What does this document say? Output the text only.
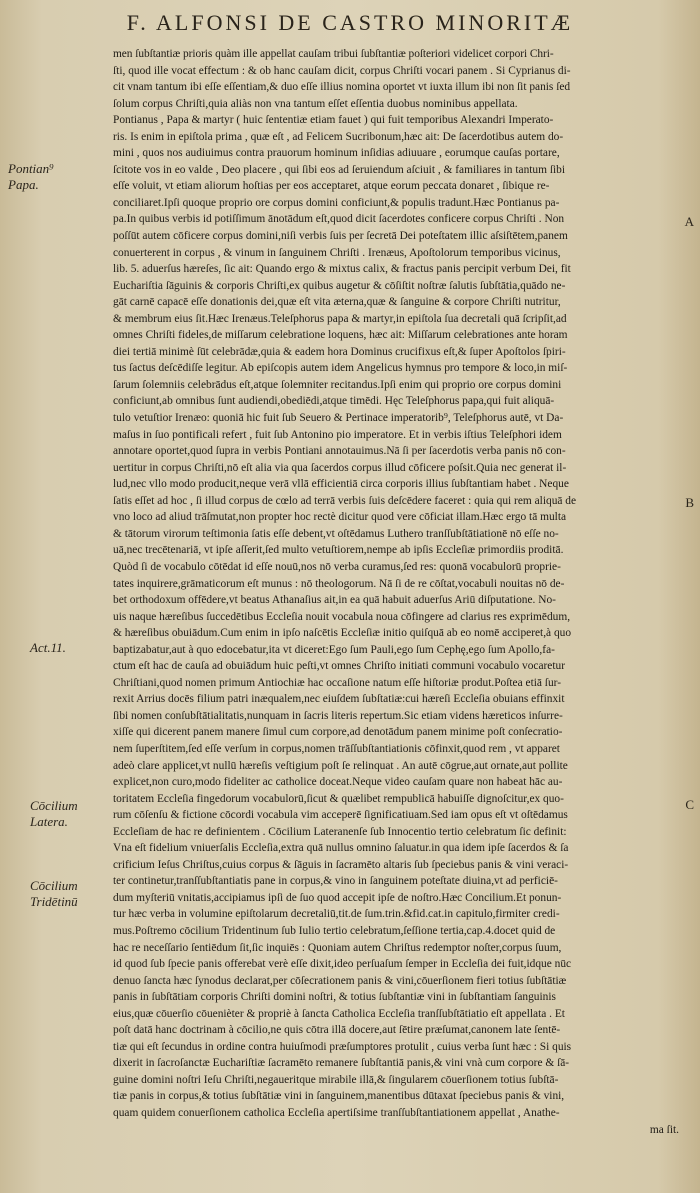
F. ALFONSI DE CASTRO MINORITÆ
Pontian⁹
Papa.
Act.11.
Cōcilium
Latera.
Cōcilium
Tridētinū
A
B
C
men ſubſtantiæ prioris quàm ille appellat cauſam tribui ſubſtantiæ poſteriori videlicet corpori Chri-
ſti, quod ille vocat effectum : & ob hanc cauſam dicit, corpus Chriſti vocari panem . Si Cyprianus di-
cit vnam tantum ibi eſſe eſſentiam,& duo eſſe illius nomina oportet vt iuxta illum ibi non ſit panis ſed
ſolum corpus Chriſti,quia aliàs non vna tantum eſſet eſſentia duobus nominibus appellata.
Pontianus , Papa & martyr ( huic ſententiæ etiam fauet ) qui fuit temporibus Alexandri Imperato-
ris. Is enim in epiſtola prima , quæ eſt , ad Felicem Sucribonum,hæc ait: De ſacerdotibus autem do-
mini , quos nos audiuimus contra prauorum hominum inſidias adiuuare , eorumque cauſas portare,
ſcitote vos in eo valde , Deo placere , qui ſibi eos ad ſeruiendum aſciuit , & familiares in tantum ſibi
eſſe voluit, vt etiam aliorum hoſtias per eos acceptaret, atque eorum peccata donaret , ſibique re-
conciliaret.Ipſi quoque proprio ore corpus domini conficiunt,& populis tradunt.Hæc Pontianus pa-
pa.In quibus verbis id potiſſimum ānotādum eſt,quod dicit ſacerdotes conficere corpus Chriſti . Non
poſſūt autem cōficere corpus domini,niſi verbis ſuis per ſecretā Dei poteſtatem illic aſsiſtētem,panem
conuerterent in corpus , & vinum in ſanguinem Chriſti . Irenæus, Apoſtolorum temporibus vicinus,
lib. 5. aduerſus hæreſes, ſic ait: Quando ergo & mixtus calix, & fractus panis percipit verbum Dei, fit
Euchariſtia ſāguinis & corporis Chriſti,ex quibus augetur & cōſiſtit noſtræ ſalutis ſubſtātia,quādo ne-
gāt carnē capacē eſſe donationis dei,quæ eſt vita æterna,quæ & ſanguine & corpore Chriſti nutritur,
& membrum eius ſit.Hæc Irenæus.Teleſphorus papa & martyr,in epiſtola ſua decretali quā ſcripſit,ad
omnes Chriſti fideles,de miſſarum celebratione loquens, hæc ait: Miſſarum celebrationes ante horam
diei tertiā minimè ſūt celebrādæ,quia & eadem hora Dominus crucifixus eſt,& ſuper Apoſtolos ſpiri-
tus ſactus deſcēdiſſe legitur. Ab epiſcopis autem idem Angelicus hymnus pro tempore & loco,in miſ-
ſarum ſolemniis celebrādus eſt,atque ſolemniter recitandus.Ipſi enim qui proprio ore corpus domini
conficiunt,ab omnibus ſunt audiendi,obediēdi,atque timēdi. Hęc Teleſphorus papa,qui fuit aliquā-
tulo vetuſtior Irenæo: quoniā hic fuit ſub Seuero & Pertinace imperatorib⁹, Teleſphorus autē, vt Da-
maſus in ſuo pontificali refert , fuit ſub Antonino pio imperatore. Et in verbis iſtius Teleſphori idem
annotare oportet,quod ſupra in verbis Pontiani annotauimus.Nā ſi per ſacerdotis verba panis nō con-
uertitur in corpus Chriſti,nō eſt alia via qua ſacerdos corpus illud cōficere poſsit.Quia nec generat il-
lud,nec vllo modo producit,neque verā vllā efficientiā circa corporis illius ſubſtantiam habet . Neque
ſatis eſſet ad hoc , ſi illud corpus de cœlo ad terrā verbis ſuis deſcēdere faceret : quia qui rem aliquā de
vno loco ad aliud trāſmutat,non propter hoc rectè dicitur quod vere cōficiat illam.Hæc ergo tā multa
& tātorum virorum teſtimonia ſatis eſſe debent,vt oſtēdamus Luthero tranſſubſtātiationē nō eſſe no-
uā,nec trecētenariā, vt ipſe aſſerit,ſed multo vetuſtiorem,nempe ab ipſis Eccleſiæ primordiis proditā.
Quòd ſi de vocabulo cōtēdat id eſſe nouū,nos nō verba curamus,ſed res: quonā vocabulorū proprie-
tates inquirere,grāmaticorum eſt munus : nō theologorum. Nā ſi de re cōſtat,vocabuli nouitas nō de-
bet orthodoxum offēdere,vt beatus Athanaſius ait,in ea quā habuit aduerſus Ariū diſputatione. No-
uis naque hæreſibus ſuccedētibus Eccleſia nouit vocabula noua cōfingere ad clarius res exprimēdum,
& hæreſibus obuiādum.Cum enim in ipſo naſcētis Eccleſiæ initio quiſquā ab eo nomē acciperet,à quo
baptizabatur,aut à quo edocebatur,ita vt diceret:Ego ſum Pauli,ego ſum Cephę,ego ſum Apollo,fa-
ctum eſt hac de cauſa ad obuiādum huic peſti,vt omnes Chriſto initiati communi vocabulo vocaretur
Chriſtiani,quod nomen primum Antiochiæ hac occaſione natum eſſe hiſtoriæ produt.Poſtea etiā ſur-
rexit Arrius docēs filium patri inæqualem,nec eiuſdem ſubſtatiæ:cui hæreſi Eccleſia obuians effinxit
ſibi nomen conſubſtātialitatis,nunquam in ſacris literis repertum.Sic etiam videns hæreticos inſurre-
xiſſe qui dicerent panem manere ſimul cum corpore,ad denotādum panem minime poſt conſecratio-
nem ſuperſtitem,ſed eſſe verſum in corpus,nomen trāſſubſtantiationis cōfinxit,quod rem , vt apparet
adeò clare applicet,vt nullū hæreſis veſtigium poſt ſe relinquat . An autē cōgrue,aut ornate,aut pollite
explicet,non curo,modo fideliter ac catholice doceat.Neque video cauſam quare non habeat hāc au-
toritatem Eccleſia fingedorum vocabulorū,ſicut & quælibet rempublicā habuiſſe dignoſcitur,ex quo-
rum cōſenſu & fictione cōcordi vocabula vim acceperē ſignificatiuam.Sed iam opus eſt vt oſtēdamus
Eccleſiam de hac re definientem . Cōcilium Lateranenſe ſub Innocentio tertio celebratum ſic definit:
Vna eſt fidelium vniuerſalis Eccleſia,extra quā nullus omnino ſaluatur.in qua idem ipſe ſacerdos & ſa
crificium Ieſus Chriſtus,cuius corpus & ſāguis in ſacramēto altaris ſub ſpeciebus panis & vini veraci-
ter continetur,tranſſubſtantiatis pane in corpus,& vino in ſanguinem poteſtate diuina,vt ad perficiē-
dum myſteriū vnitatis,accipiamus ipſi de ſuo quod accepit ipſe de noſtro.Hæc Concilium.Et ponun-
tur hæc verba in volumine epiſtolarum decretaliū,tit.de ſum.trin.&fid.cat.in capitulo,firmiter credi-
mus.Poſtremo cōcilium Tridentinum ſub Iulio tertio celebratum,ſeſſione tertia,cap.4.docet quid de
hac re neceſſario ſentiēdum ſit,ſic inquiēs : Quoniam autem Chriſtus redemptor noſter,corpus ſuum,
id quod ſub ſpecie panis offerebat verè eſſe dixit,ideo perſuaſum ſemper in Eccleſia dei fuit,idque nūc
denuo ſancta hæc ſynodus declarat,per cōſecrationem panis & vini,cōuerſionem fieri totius ſubſtātiæ
panis in ſubſtātiam corporis Chriſti domini noſtri, & totius ſubſtantiæ vini in ſubſtantiam ſanguinis
eius,quæ cōuerſio cōuenièter & propriè à ſancta Catholica Eccleſia tranſſubſtātiatio eſt appellata . Et
poſt datā hanc doctrinam à cōcilio,ne quis cōtra illā docere,aut ſētire præſumat,canonem late ſentē-
tiæ qui eſt ſecundus in ordine contra huiuſmodi præſumptores protulit , cuius verba ſunt hæc : Si quis
dixerit in ſacroſanctæ Euchariſtiæ ſacramēto remanere ſubſtantiā panis,& vini vnà cum corpore & ſā-
guine domini noſtri Ieſu Chriſti,negaueritque mirabile illā,& ſingularem cōuerſionem totius ſubſtā-
tiæ panis in corpus,& totius ſubſtātiæ vini in ſanguinem,manentibus dūtaxat ſpeciebus panis & vini,
quam quidem conuerſionem catholica Eccleſia apertiſsime tranſſubſtantiationem appellat , Anathe-
ma ſit.
